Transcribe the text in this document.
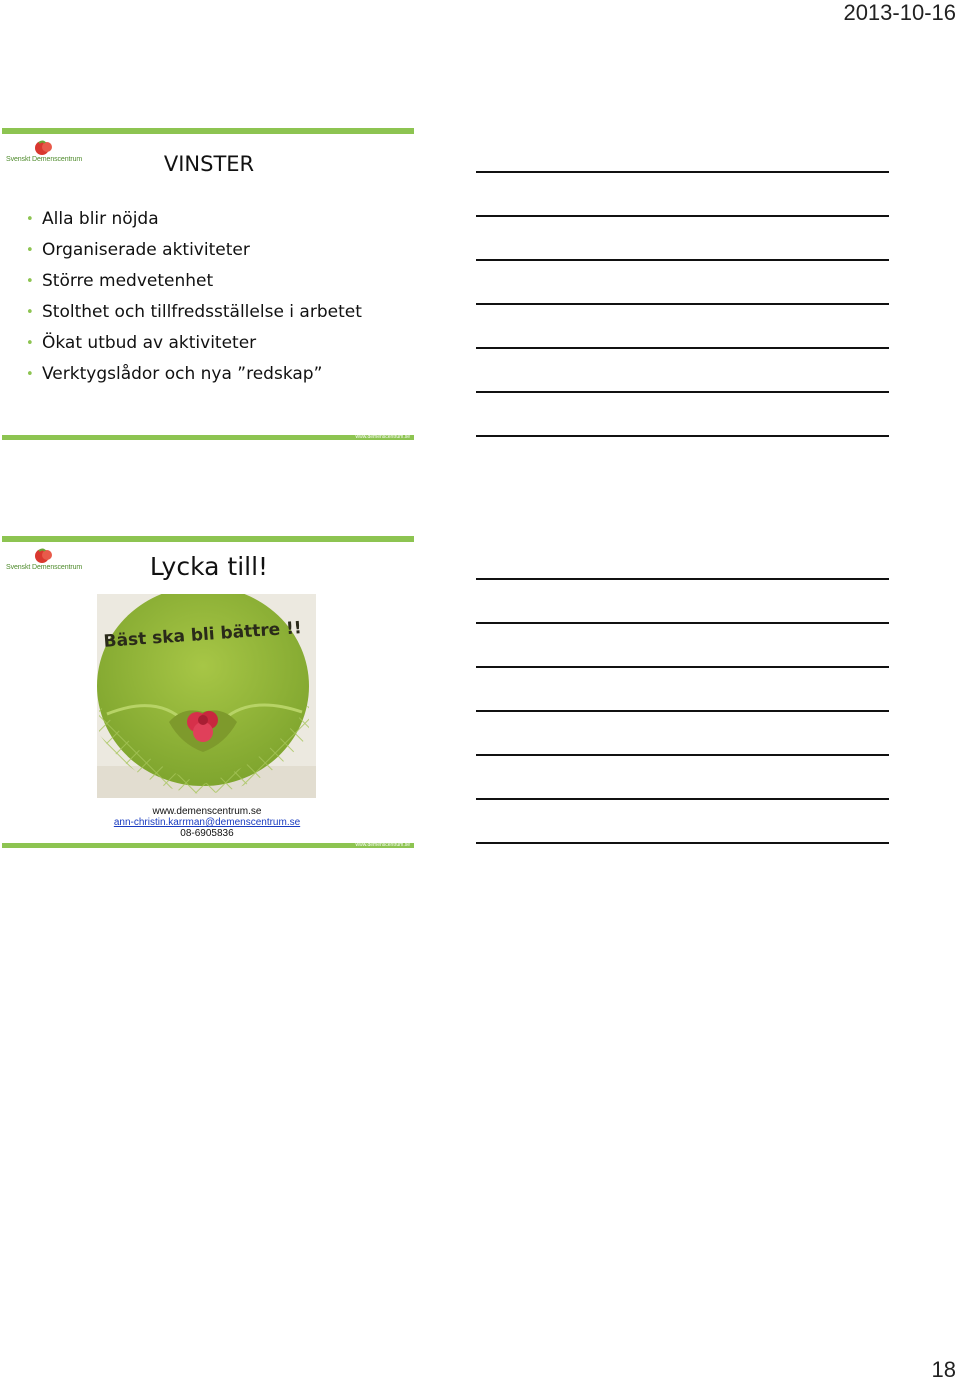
2013-10-16
Svenskt Demenscentrum	VINSTER
• Alla blir nöjda
• Organiserade aktiviteter
• Större medvetenhet
• Stolthet och tillfredsställelse i arbetet
• Ökat utbud av aktiviteter
• Verktygslådor och nya ”redskap”
www.demenscentrum.se
Svenskt Demenscentrum	Lycka till!
Bäst ska bli bättre !!
www.demenscentrum.se
ann-christin.karrman@demenscentrum.se
08-6905836
www.demenscentrum.se
18
